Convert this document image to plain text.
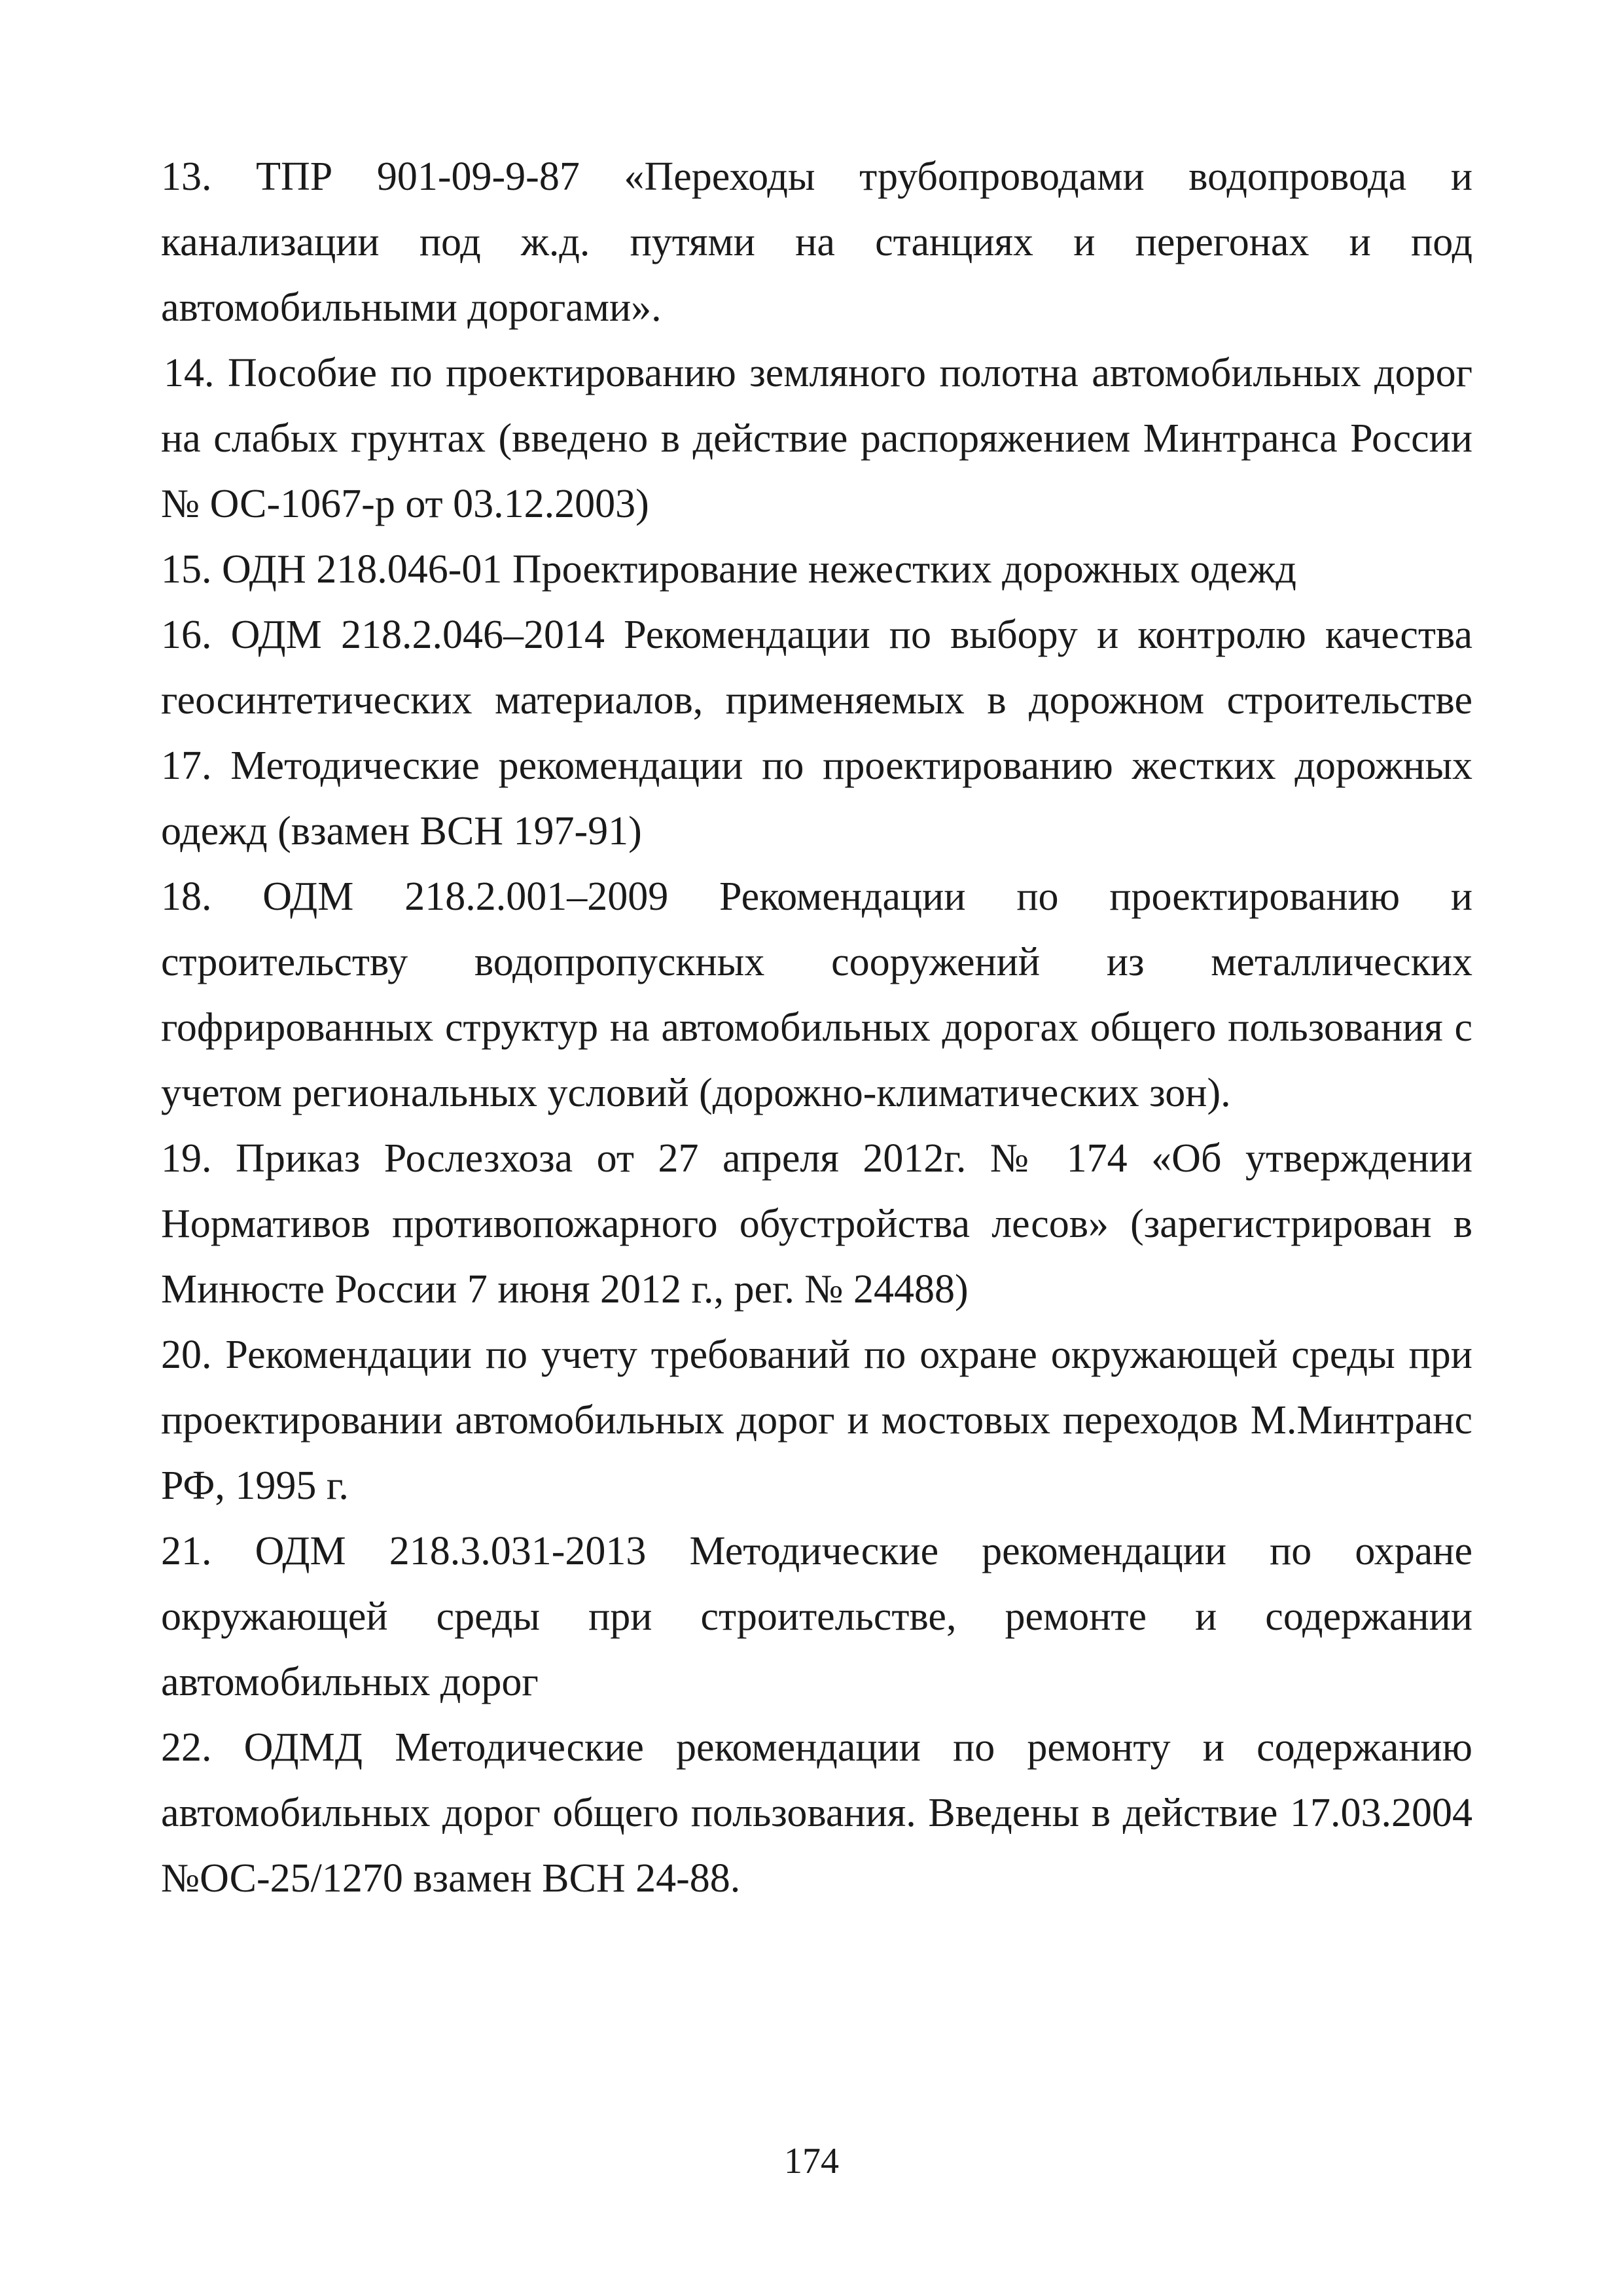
13. ТПР 901-09-9-87 «Переходы трубопроводами водопровода и канализации под ж.д. путями на станциях и перегонах и под автомобильными дорогами».

14. Пособие по проектированию земляного полотна автомобильных дорог на слабых грунтах (введено в действие распоряжением Минтранса России № ОС-1067-р от 03.12.2003)

15. ОДН 218.046-01 Проектирование нежестких дорожных одежд

16. ОДМ 218.2.046–2014 Рекомендации по выбору и контролю качества геосинтетических материалов, применяемых в дорожном строительстве

17. Методические рекомендации по проектированию жестких дорожных одежд (взамен ВСН 197-91)

18. ОДМ 218.2.001–2009 Рекомендации по проектированию и строительству водопропускных сооружений из металлических гофрированных структур на автомобильных дорогах общего пользования с учетом региональных условий (дорожно-климатических зон).

19. Приказ Рослезхоза от 27 апреля 2012г. № 174 «Об утверждении Нормативов противопожарного обустройства лесов» (зарегистрирован в Минюсте России 7 июня 2012 г., рег. № 24488)

20. Рекомендации по учету требований по охране окружающей среды при проектировании автомобильных дорог и мостовых переходов М.Минтранс РФ, 1995 г.

21. ОДМ 218.3.031-2013 Методические рекомендации по охране окружающей среды при строительстве, ремонте и содержании автомобильных дорог

22. ОДМД Методические рекомендации по ремонту и содержанию автомобильных дорог общего пользования. Введены в действие 17.03.2004 №ОС-25/1270 взамен ВСН 24-88.

174
